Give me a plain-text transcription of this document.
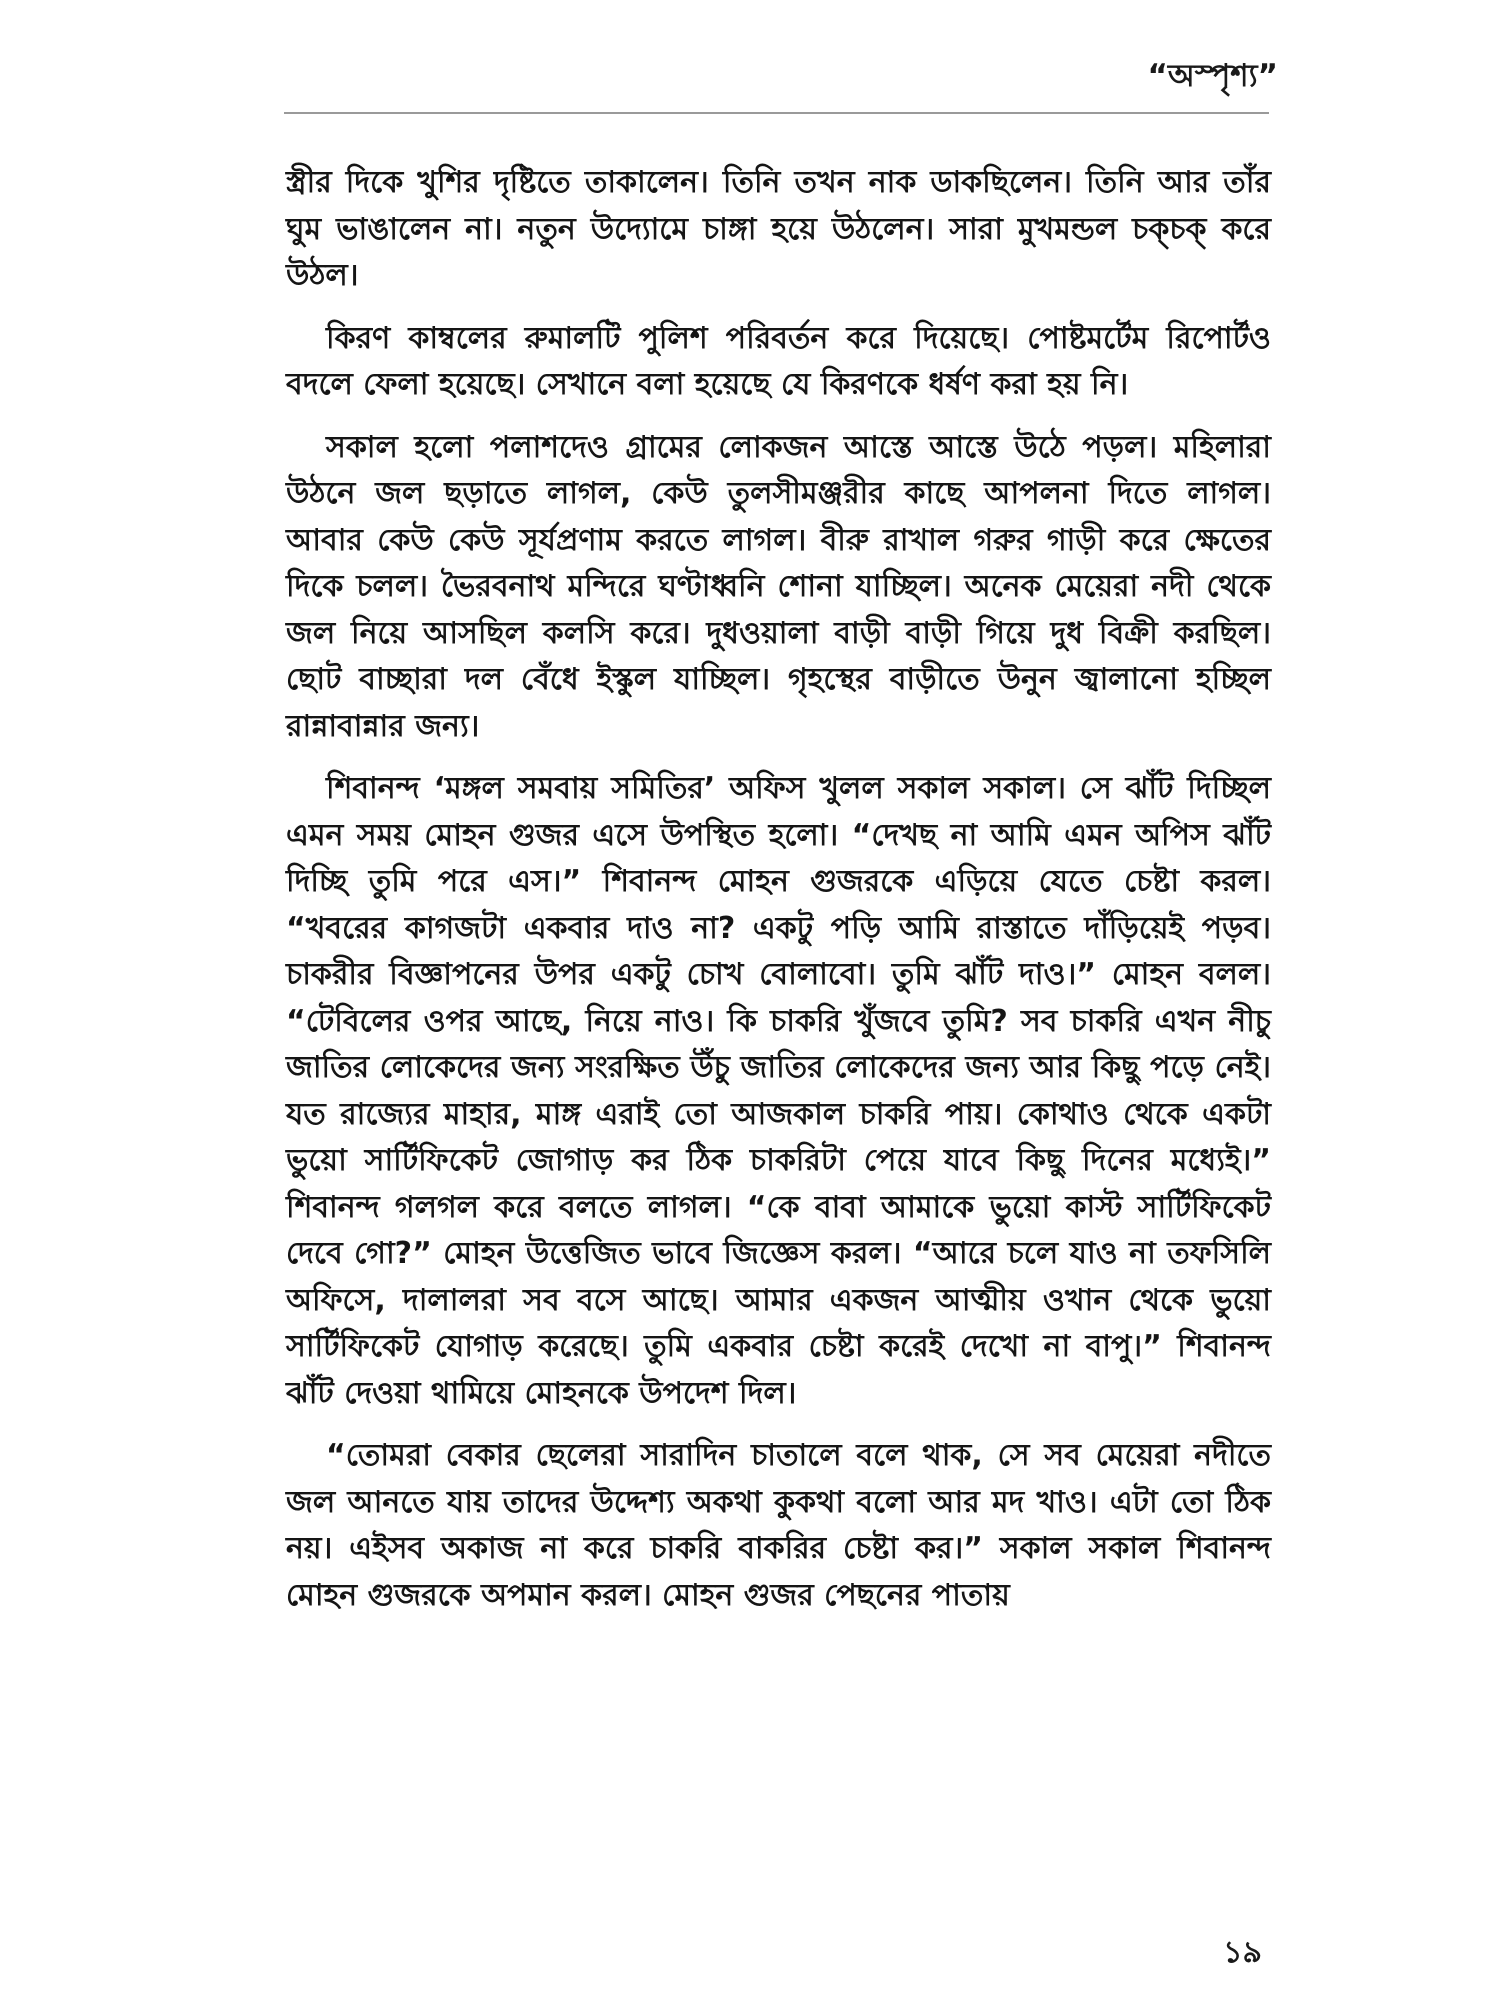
“অস্পৃশ্য”

স্ত্রীর দিকে খুশির দৃষ্টিতে তাকালেন। তিনি তখন নাক ডাকছিলেন। তিনি আর তাঁর ঘুম ভাঙালেন না। নতুন উদ্যোমে চাঙ্গা হয়ে উঠলেন। সারা মুখমন্ডল চক্চক্ করে উঠল।

কিরণ কাম্বলের রুমালটি পুলিশ পরিবর্তন করে দিয়েছে। পোষ্টমর্টেম রিপোর্টও বদলে ফেলা হয়েছে। সেখানে বলা হয়েছে যে কিরণকে ধর্ষণ করা হয় নি।

সকাল হলো পলাশদেও গ্রামের লোকজন আস্তে আস্তে উঠে পড়ল। মহিলারা উঠনে জল ছড়াতে লাগল, কেউ তুলসীমঞ্জরীর কাছে আপলনা দিতে লাগল। আবার কেউ কেউ সূর্যপ্রণাম করতে লাগল। বীরু রাখাল গরুর গাড়ী করে ক্ষেতের দিকে চলল। ভৈরবনাথ মন্দিরে ঘণ্টাধ্বনি শোনা যাচ্ছিল। অনেক মেয়েরা নদী থেকে জল নিয়ে আসছিল কলসি করে। দুধওয়ালা বাড়ী বাড়ী গিয়ে দুধ বিক্রী করছিল। ছোট বাচ্ছারা দল বেঁধে ইস্কুল যাচ্ছিল। গৃহস্থের বাড়ীতে উনুন জ্বালানো হচ্ছিল রান্নাবান্নার জন্য।

শিবানন্দ ‘মঙ্গল সমবায় সমিতির’ অফিস খুলল সকাল সকাল। সে ঝাঁট দিচ্ছিল এমন সময় মোহন গুজর এসে উপস্থিত হলো। “দেখছ না আমি এমন অপিস ঝাঁট দিচ্ছি তুমি পরে এস।” শিবানন্দ মোহন গুজরকে এড়িয়ে যেতে চেষ্টা করল। “খবরের কাগজটা একবার দাও না? একটু পড়ি আমি রাস্তাতে দাঁড়িয়েই পড়ব। চাকরীর বিজ্ঞাপনের উপর একটু চোখ বোলাবো। তুমি ঝাঁট দাও।” মোহন বলল। “টেবিলের ওপর আছে, নিয়ে নাও। কি চাকরি খুঁজবে তুমি? সব চাকরি এখন নীচু জাতির লোকেদের জন্য সংরক্ষিত উঁচু জাতির লোকেদের জন্য আর কিছু পড়ে নেই। যত রাজ্যের মাহার, মাঙ্গ এরাই তো আজকাল চাকরি পায়। কোথাও থেকে একটা ভুয়ো সার্টিফিকেট জোগাড় কর ঠিক চাকরিটা পেয়ে যাবে কিছু দিনের মধ্যেই।” শিবানন্দ গলগল করে বলতে লাগল। “কে বাবা আমাকে ভুয়ো কাস্ট সার্টিফিকেট দেবে গো?” মোহন উত্তেজিত ভাবে জিজ্ঞেস করল। “আরে চলে যাও না তফসিলি অফিসে, দালালরা সব বসে আছে। আমার একজন আত্মীয় ওখান থেকে ভুয়ো সার্টিফিকেট যোগাড় করেছে। তুমি একবার চেষ্টা করেই দেখো না বাপু।” শিবানন্দ ঝাঁট দেওয়া থামিয়ে মোহনকে উপদেশ দিল।

“তোমরা বেকার ছেলেরা সারাদিন চাতালে বলে থাক, সে সব মেয়েরা নদীতে জল আনতে যায় তাদের উদ্দেশ্য অকথা কুকথা বলো আর মদ খাও। এটা তো ঠিক নয়। এইসব অকাজ না করে চাকরি বাকরির চেষ্টা কর।” সকাল সকাল শিবানন্দ মোহন গুজরকে অপমান করল। মোহন গুজর পেছনের পাতায়

১৯
